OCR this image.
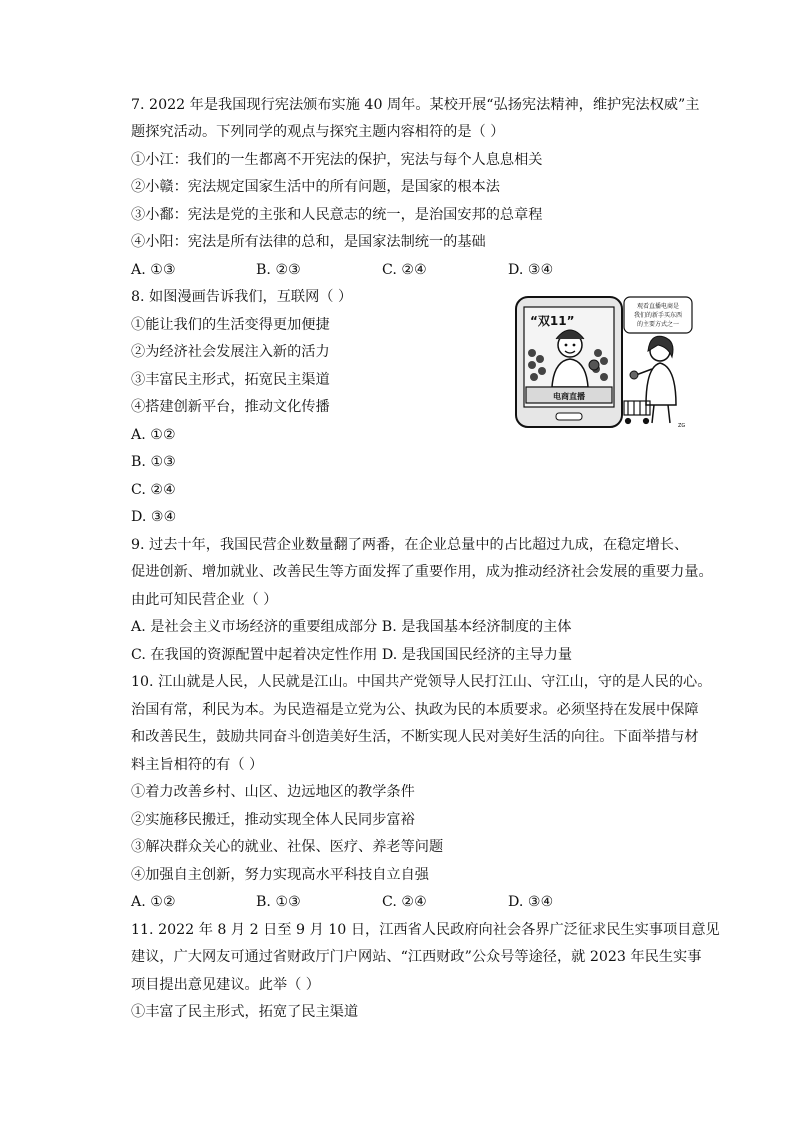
7. 2022 年是我国现行宪法颁布实施 40 周年。某校开展“弘扬宪法精神，维护宪法权威”主
题探究活动。下列同学的观点与探究主题内容相符的是（ ）
①小江：我们的一生都离不开宪法的保护，宪法与每个人息息相关
②小赣：宪法规定国家生活中的所有问题，是国家的根本法
③小鄱：宪法是党的主张和人民意志的统一，是治国安邦的总章程
④小阳：宪法是所有法律的总和，是国家法制统一的基础
A. ①③	B. ②③	C. ②④	D. ③④
8. 如图漫画告诉我们，互联网（ ）
①能让我们的生活变得更加便捷
②为经济社会发展注入新的活力
③丰富民主形式，拓宽民主渠道
④搭建创新平台，推动文化传播
A. ①②
B. ①③
C. ②④
D. ③④
“双11”
电商直播
观看直播电商是
我们的新手买东西
的主要方式之一
ZG
9. 过去十年，我国民营企业数量翻了两番，在企业总量中的占比超过九成，在稳定增长、
促进创新、增加就业、改善民生等方面发挥了重要作用，成为推动经济社会发展的重要力量。
由此可知民营企业（ ）
A. 是社会主义市场经济的重要组成部分 B. 是我国基本经济制度的主体
C. 在我国的资源配置中起着决定性作用 D. 是我国国民经济的主导力量
10. 江山就是人民，人民就是江山。中国共产党领导人民打江山、守江山，守的是人民的心。
治国有常，利民为本。为民造福是立党为公、执政为民的本质要求。必须坚持在发展中保障
和改善民生，鼓励共同奋斗创造美好生活，不断实现人民对美好生活的向往。下面举措与材
料主旨相符的有（ ）
①着力改善乡村、山区、边远地区的教学条件
②实施移民搬迁，推动实现全体人民同步富裕
③解决群众关心的就业、社保、医疗、养老等问题
④加强自主创新，努力实现高水平科技自立自强
A. ①②	B. ①③	C. ②④	D. ③④
11. 2022 年 8 月 2 日至 9 月 10 日，江西省人民政府向社会各界广泛征求民生实事项目意见
建议，广大网友可通过省财政厅门户网站、“江西财政”公众号等途径，就 2023 年民生实事
项目提出意见建议。此举（ ）
①丰富了民主形式，拓宽了民主渠道
